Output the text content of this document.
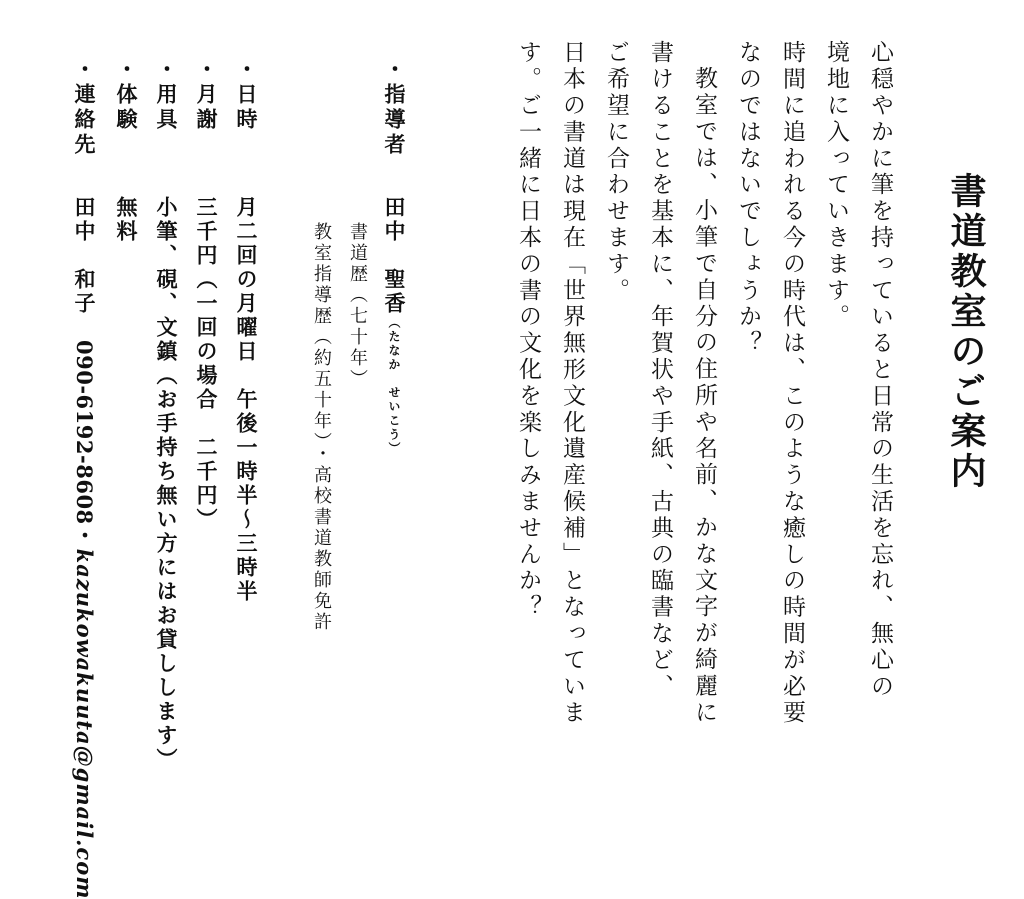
書道教室のご案内
心穏やかに筆を持っていると日常の生活を忘れ、無心の
境地に入っていきます。
時間に追われる今の時代は、このような癒しの時間が必要
なのではないでしょうか？
教室では、小筆で自分の住所や名前、かな文字が綺麗に
書けることを基本に、年賀状や手紙、古典の臨書など、
ご希望に合わせます。
日本の書道は現在「世界無形文化遺産候補」となっていま
す。ご一緒に日本の書の文化を楽しみませんか？
・指導者
田中　聖香（たなか　せいこう）
書道歴（七十年）
教室指導歴（約五十年）・高校書道教師免許
・日時
月二回の月曜日　午後一時半〜三時半
・月謝
三千円（一回の場合　二千円）
・用具
小筆、硯、文鎮（お手持ち無い方にはお貸しします）
・体験
無料
・連絡先
田中　和子　090-6192-8608・kazukowakuuta@gmail.com
